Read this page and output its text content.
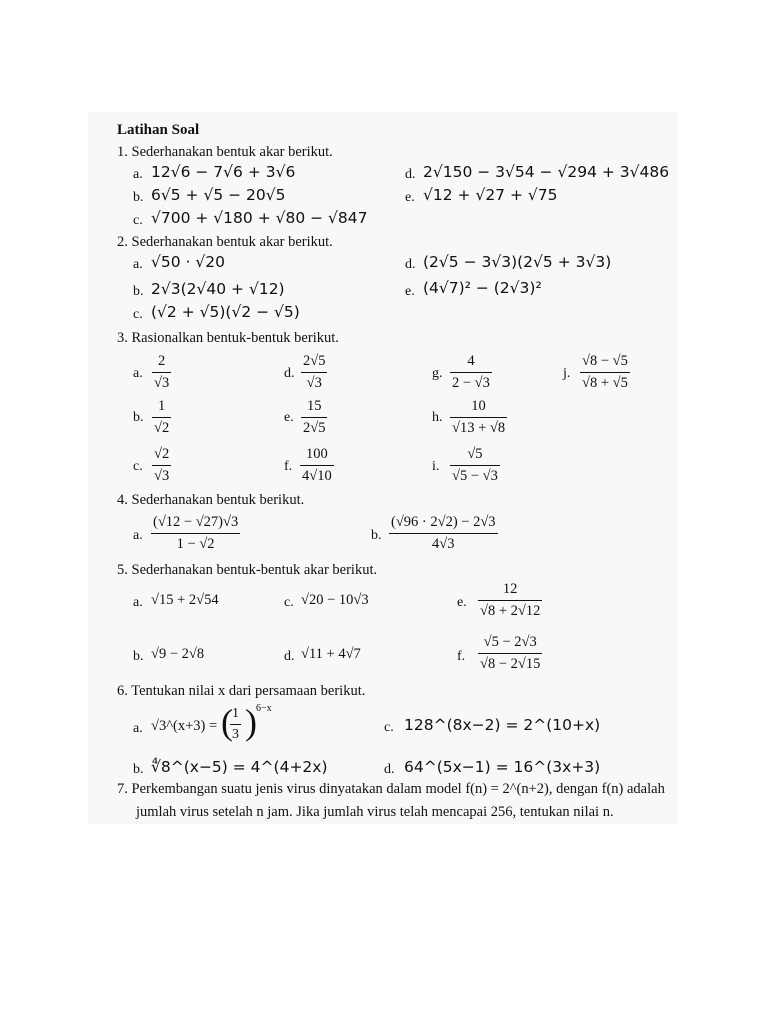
Latihan Soal
1. Sederhanakan bentuk akar berikut.
a. 12√6 − 7√6 + 3√6
b. 6√5 + √5 − 20√5
c. √700 + √180 + √80 − √847
d. 2√150 − 3√54 − √294 + 3√486
e. √12 + √27 + √75
2. Sederhanakan bentuk akar berikut.
a. √50 · √20
b. 2√3(2√40 + √12)
c. (√2 + √5)(√2 − √5)
d. (2√5 − 3√3)(2√5 + 3√3)
e. (4√7)² − (2√3)²
3. Rasionalkan bentuk-bentuk berikut.
a. $\frac{2}{√3}$
b. $\frac{1}{√2}$
c. $\frac{√2}{√3}$
d. $\frac{2√5}{√3}$
e. $\frac{15}{2√5}$
f. $\frac{100}{4√10}$
g. $\frac{4}{2 - √3}$
h. $\frac{10}{√13 + √8}$
i. $\frac{√5}{√5 - √3}$
j. $\frac{√8 - √5}{√8 + √5}$
4. Sederhanakan bentuk berikut.
a. $\frac{(√12 - √27)√3}{1 - √2}$	b. $\frac{(√96 \cdot 2√2) - 2√3}{4√3}$
5. Sederhanakan bentuk-bentuk akar berikut.
a. √15 + 2√54
b. √9 − 2√8
c. √20 − 10√3
d. √11 + 4√7
e. $\frac{12}{√8 + 2√12}$
f. $\frac{√5 - 2√3}{√8 - 2√15}$
6. Tentukan nilai x dari persamaan berikut.
a. √3^(x+3) = (
$\frac{1}{3}$ ) 6−x
b. ∜8^(x−5) = 4^(4+2x)
c. 128^(8x−2) = 2^(10+x)
d. 64^(5x−1) = 16^(3x+3)
7. Perkembangan suatu jenis virus dinyatakan dalam model f(n) = 2^(n+2), dengan f(n) adalah
jumlah virus setelah n jam. Jika jumlah virus telah mencapai 256, tentukan nilai n.
